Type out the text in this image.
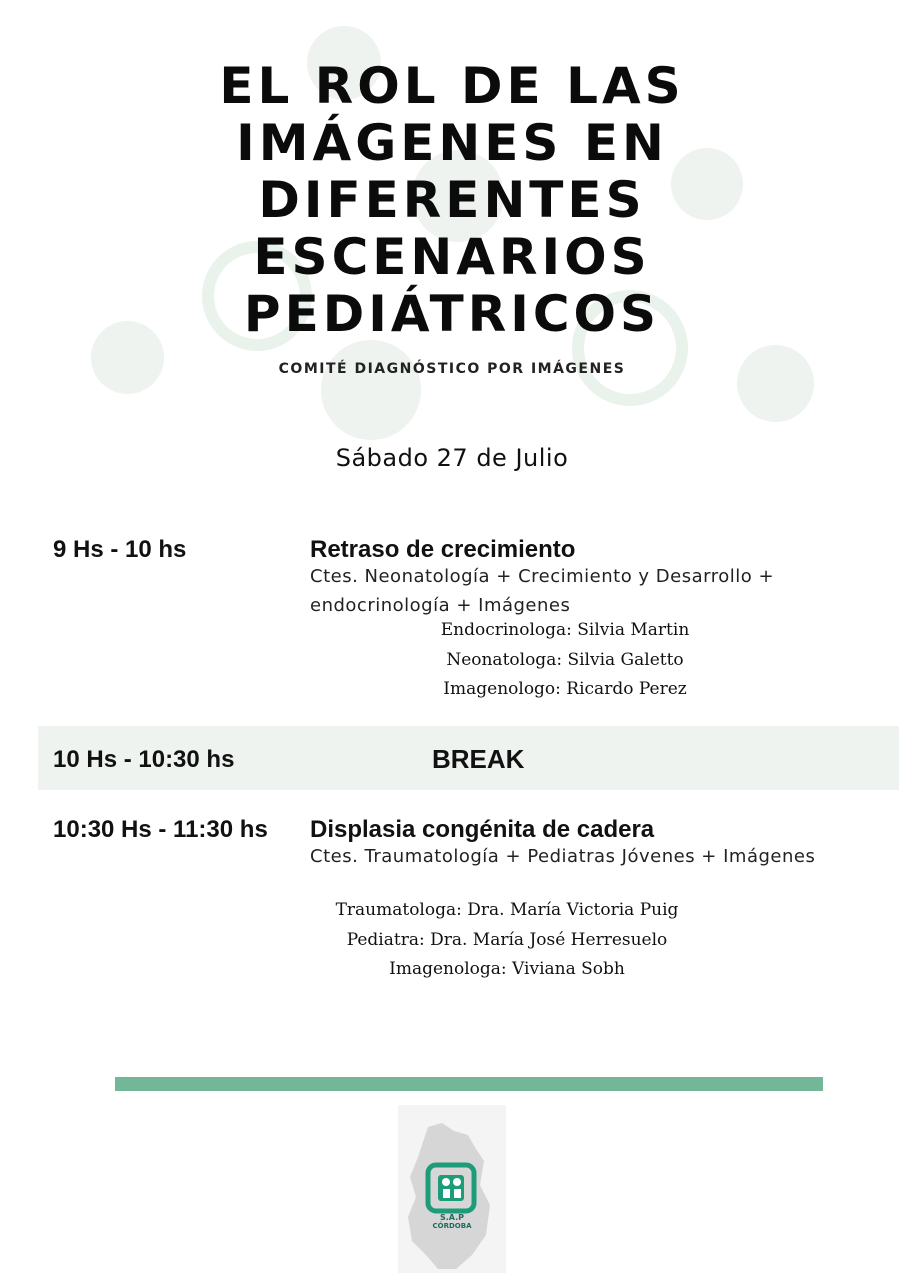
EL ROL DE LAS
IMÁGENES EN
DIFERENTES
ESCENARIOS
PEDIÁTRICOS
COMITÉ DIAGNÓSTICO POR IMÁGENES
Sábado 27 de Julio
9 Hs - 10 hs	Retraso de crecimiento
Ctes. Neonatología + Crecimiento y Desarrollo + endocrinología + Imágenes
Endocrinologa: Silvia Martin
Neonatologa: Silvia Galetto
Imagenologo: Ricardo Perez
10 Hs - 10:30 hs	BREAK
10:30 Hs - 11:30 hs Displasia congénita de cadera
Ctes. Traumatología + Pediatras Jóvenes + Imágenes
Traumatologa: Dra. María Victoria Puig
Pediatra: Dra. María José Herresuelo
Imagenologa: Viviana Sobh
S.A.P
CÓRDOBA
